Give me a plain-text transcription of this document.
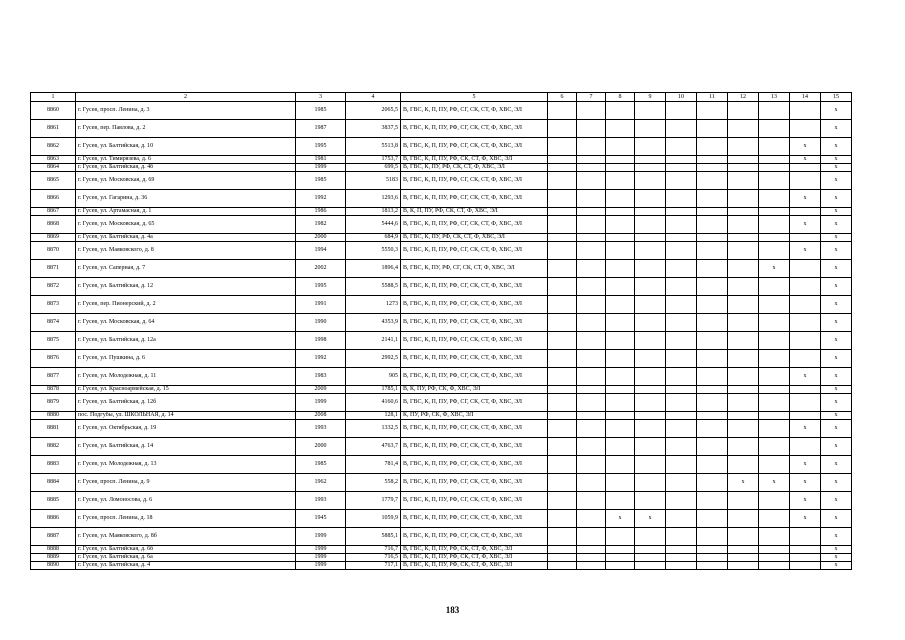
1	2	3	4	5	6	7	8	9	10	11	12	13	14	15
8860	г. Гусев, просп. Ленина, д. 3	1985	2065,5	В, ГВС, К, П, ПУ, РФ, СГ, СК, СТ, Ф, ХВС, ЭЛ										х
8861	г. Гусев, пер. Павлова, д. 2	1987	3837,5	В, ГВС, К, П, ПУ, РФ, СГ, СК, СТ, Ф, ХВС, ЭЛ										х
8862	г. Гусев, ул. Балтийская, д. 10	1995	5513,8	В, ГВС, К, П, ПУ, РФ, СГ, СК, СТ, Ф, ХВС, ЭЛ									х	х
8863	г. Гусев, ул. Тимирязева, д. 6	1981	1753,7	В, ГВС, К, П, ПУ, РФ, СК, СТ, Ф, ХВС, ЭЛ									х	х
8864	г. Гусев, ул. Балтийская, д. 4б	1999	699,5	В, ГВС, К, ПУ, РФ, СК, СТ, Ф, ХВС, ЭЛ										х
8865	г. Гусев, ул. Московская, д. 69	1985	5183	В, ГВС, К, П, ПУ, РФ, СГ, СК, СТ, Ф, ХВС, ЭЛ										х
8866	г. Гусев, ул. Гагарина, д. 36	1992	1293,6	В, ГВС, К, П, ПУ, РФ, СГ, СК, СТ, Ф, ХВС, ЭЛ									х	х
8867	г. Гусев, ул. Артамасная, д. 1	1986	1813,2	В, К, П, ПУ, РФ, СК, СТ, Ф, ХВС, ЭЛ										х
8868	г. Гусев, ул. Московская, д. 65	1982	5444,6	В, ГВС, К, П, ПУ, РФ, СГ, СК, СТ, Ф, ХВС, ЭЛ									х	х
8869	г. Гусев, ул. Балтийская, д. 4а	2000	684,9	В, ГВС, К, ПУ, РФ, СК, СТ, Ф, ХВС, ЭЛ										х
8870	г. Гусев, ул. Маяковского, д. 8	1994	5550,3	В, ГВС, К, П, ПУ, РФ, СГ, СК, СТ, Ф, ХВС, ЭЛ									х	х
8871	г. Гусев, ул. Саперная, д. 7	2002	1896,4	В, ГВС, К, ПУ, РФ, СГ, СК, СТ, Ф, ХВС, ЭЛ								х		х
8872	г. Гусев, ул. Балтийская, д. 12	1995	5588,5	В, ГВС, К, П, ПУ, РФ, СГ, СК, СТ, Ф, ХВС, ЭЛ										х
8873	г. Гусев, пер. Пионерский, д. 2	1991	1273	В, ГВС, К, П, ПУ, РФ, СГ, СК, СТ, Ф, ХВС, ЭЛ										х
8874	г. Гусев, ул. Московская, д. 64	1990	4353,9	В, ГВС, К, П, ПУ, РФ, СГ, СК, СТ, Ф, ХВС, ЭЛ										х
8875	г. Гусев, ул. Балтийская, д. 12а	1998	2141,1	В, ГВС, К, П, ПУ, РФ, СГ, СК, СТ, Ф, ХВС, ЭЛ										х
8876	г. Гусев, ул. Пушкина, д. 6	1992	2992,5	В, ГВС, К, П, ПУ, РФ, СГ, СК, СТ, Ф, ХВС, ЭЛ										х
8877	г. Гусев, ул. Молодежная, д. 11	1983	905	В, ГВС, К, П, ПУ, РФ, СГ, СК, СТ, Ф, ХВС, ЭЛ									х	х
8878	г. Гусев, ул. Красноармейская, д. 15	2009	1785,1	В, К, ПУ, РФ, СК, Ф, ХВС, ЭЛ										х
8879	г. Гусев, ул. Балтийская, д. 12б	1999	4160,6	В, ГВС, К, П, ПУ, РФ, СГ, СК, СТ, Ф, ХВС, ЭЛ										х
8880	пос. Подгубы, ул. ШКОЛЬНАЯ, д. 14	2008	128,1	К, ПУ, РФ, СК, Ф, ХВС, ЭЛ										х
8881	г. Гусев, ул. Октябрьская, д. 19	1993	1332,5	В, ГВС, К, П, ПУ, РФ, СГ, СК, СТ, Ф, ХВС, ЭЛ									х	х
8882	г. Гусев, ул. Балтийская, д. 14	2000	4763,7	В, ГВС, К, П, ПУ, РФ, СГ, СК, СТ, Ф, ХВС, ЭЛ										х
8883	г. Гусев, ул. Молодежная, д. 13	1985	781,4	В, ГВС, К, П, ПУ, РФ, СГ, СК, СТ, Ф, ХВС, ЭЛ									х	х
8884	г. Гусев, просп. Ленина, д. 9	1962	558,2	В, ГВС, К, П, ПУ, РФ, СГ, СК, СТ, Ф, ХВС, ЭЛ							х	х	х	х
8885	г. Гусев, ул. Ломоносова, д. 6	1993	1779,7	В, ГВС, К, П, ПУ, РФ, СГ, СК, СТ, Ф, ХВС, ЭЛ									х	х
8886	г. Гусев, просп. Ленина, д. 18	1945	1059,9	В, ГВС, К, П, ПУ, РФ, СГ, СК, СТ, Ф, ХВС, ЭЛ			х	х					х	х
8887	г. Гусев, ул. Маяковского, д. 8б	1999	5885,1	В, ГВС, К, П, ПУ, РФ, СГ, СК, СТ, Ф, ХВС, ЭЛ										х
8888	г. Гусев, ул. Балтийская, д. 6б	1999	716,7	В, ГВС, К, П, ПУ, РФ, СК, СТ, Ф, ХВС, ЭЛ										х
8889	г. Гусев, ул. Балтийская, д. 6а	1999	716,5	В, ГВС, К, П, ПУ, РФ, СК, СТ, Ф, ХВС, ЭЛ										х
8890	г. Гусев, ул. Балтийская, д. 4	1999	717,1	В, ГВС, К, П, ПУ, РФ, СК, СТ, Ф, ХВС, ЭЛ										х
183
